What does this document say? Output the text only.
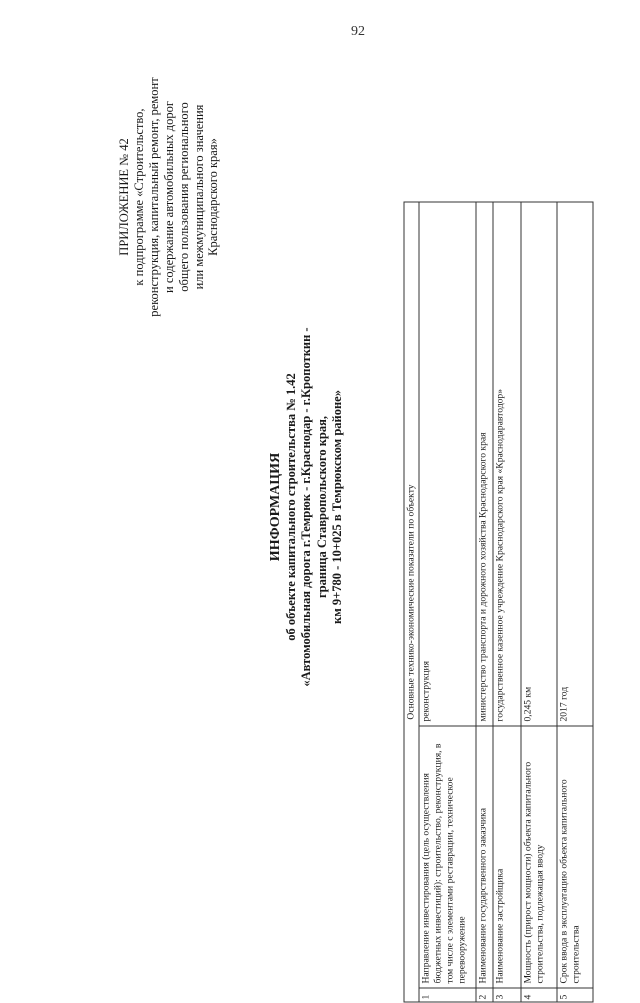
92
ПРИЛОЖЕНИЕ № 42 к подпрограмме «Строительство, реконструкция, капитальный ремонт, ремонт и содержание автомобильных дорог общего пользования регионального или межмуниципального значения Краснодарского края»
ИНФОРМАЦИЯ об объекте капитального строительства № 1.42 «Автомобильная дорога г.Темрюк - г.Краснодар - г.Кропоткин - граница Ставропольского края, км 9+780 - 10+025 в Темрюкском районе»	Основные технико-экономические показатели по объекту		
1	Направление инвестирования (цель осуществления бюджетных инвестиций): строительство, реконструкция, в том числе с элементами реставрации, техническое перевооружение	реконструкция
2	Наименование государственного заказчика	министерство транспорта и дорожного хозяйства Краснодарского края
3	Наименование застройщика	государственное казенное учреждение Краснодарского края «Краснодаравтодор»
4	Мощность (прирост мощности) объекта капитального строительства, подлежащая вводу	0,245 км
5	Срок ввода в эксплуатацию объекта капитального строительства	2017 год
